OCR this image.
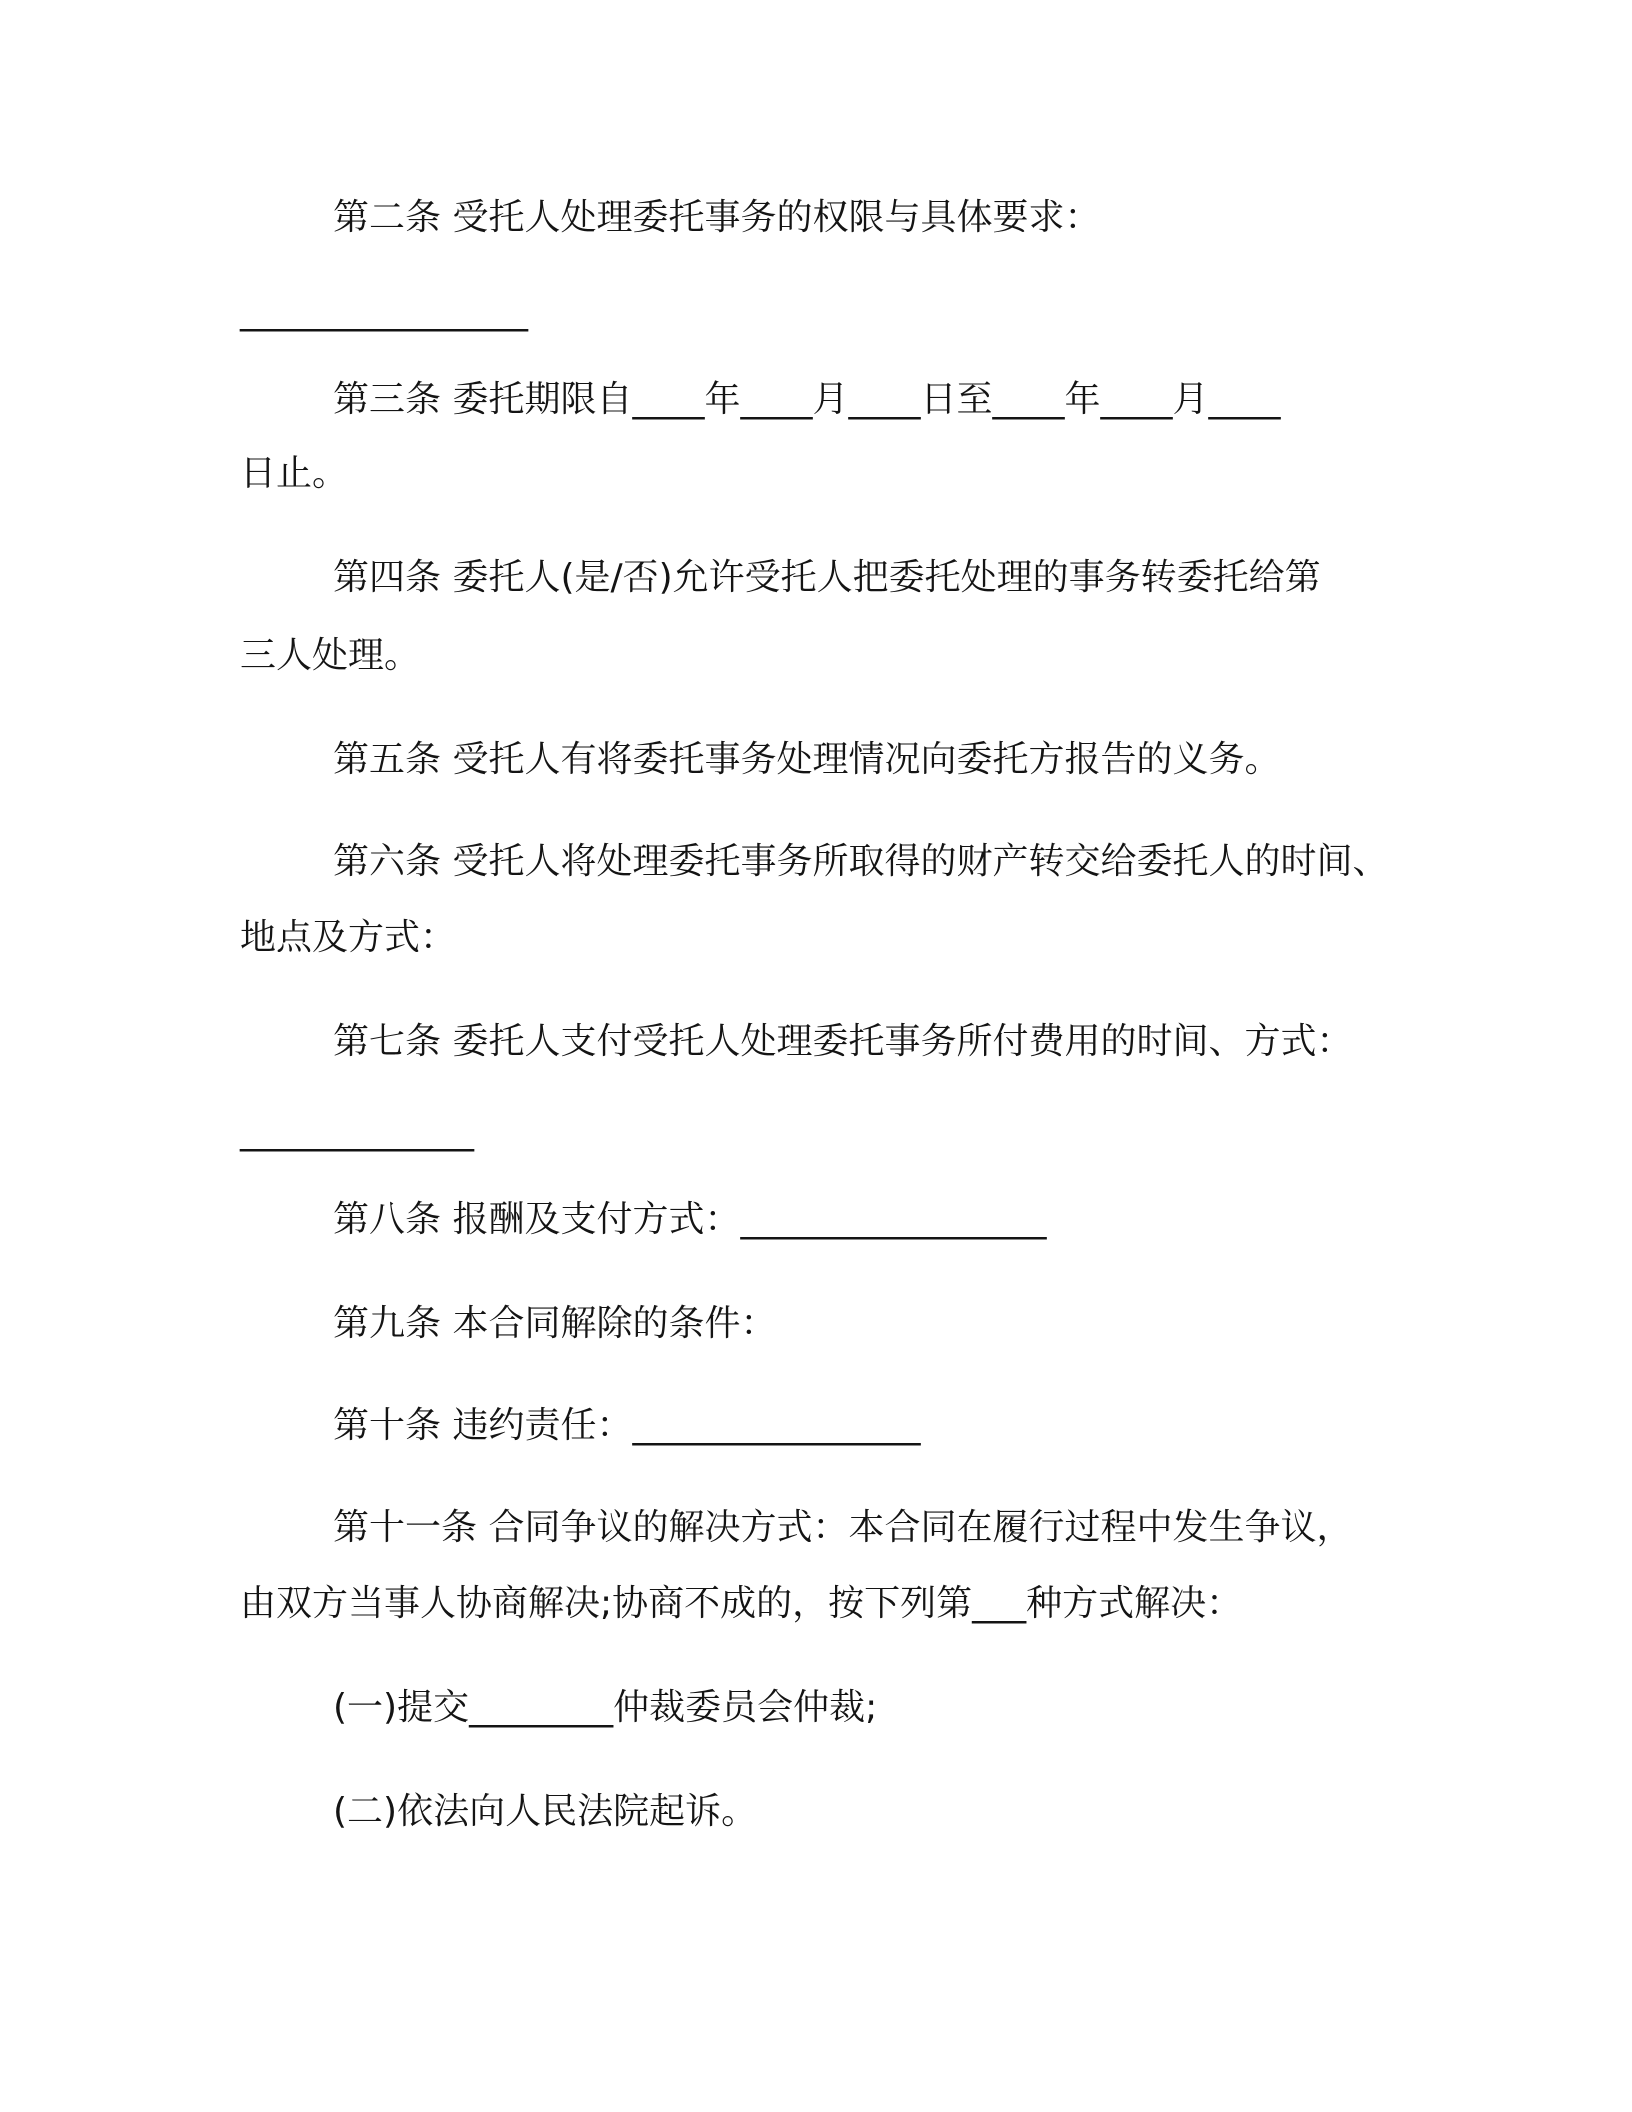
第二条 受托人处理委托事务的权限与具体要求：

________________

第三条 委托期限自____年____月____日至____年____月____

日止。

第四条 委托人(是/否)允许受托人把委托处理的事务转委托给第

三人处理。

第五条 受托人有将委托事务处理情况向委托方报告的义务。

第六条 受托人将处理委托事务所取得的财产转交给委托人的时间、

地点及方式：

第七条 委托人支付受托人处理委托事务所付费用的时间、方式：

_____________

第八条 报酬及支付方式：_________________

第九条 本合同解除的条件：

第十条 违约责任：________________

第十一条 合同争议的解决方式：本合同在履行过程中发生争议，

由双方当事人协商解决;协商不成的，按下列第___种方式解决：

(一)提交________仲裁委员会仲裁;

(二)依法向人民法院起诉。
